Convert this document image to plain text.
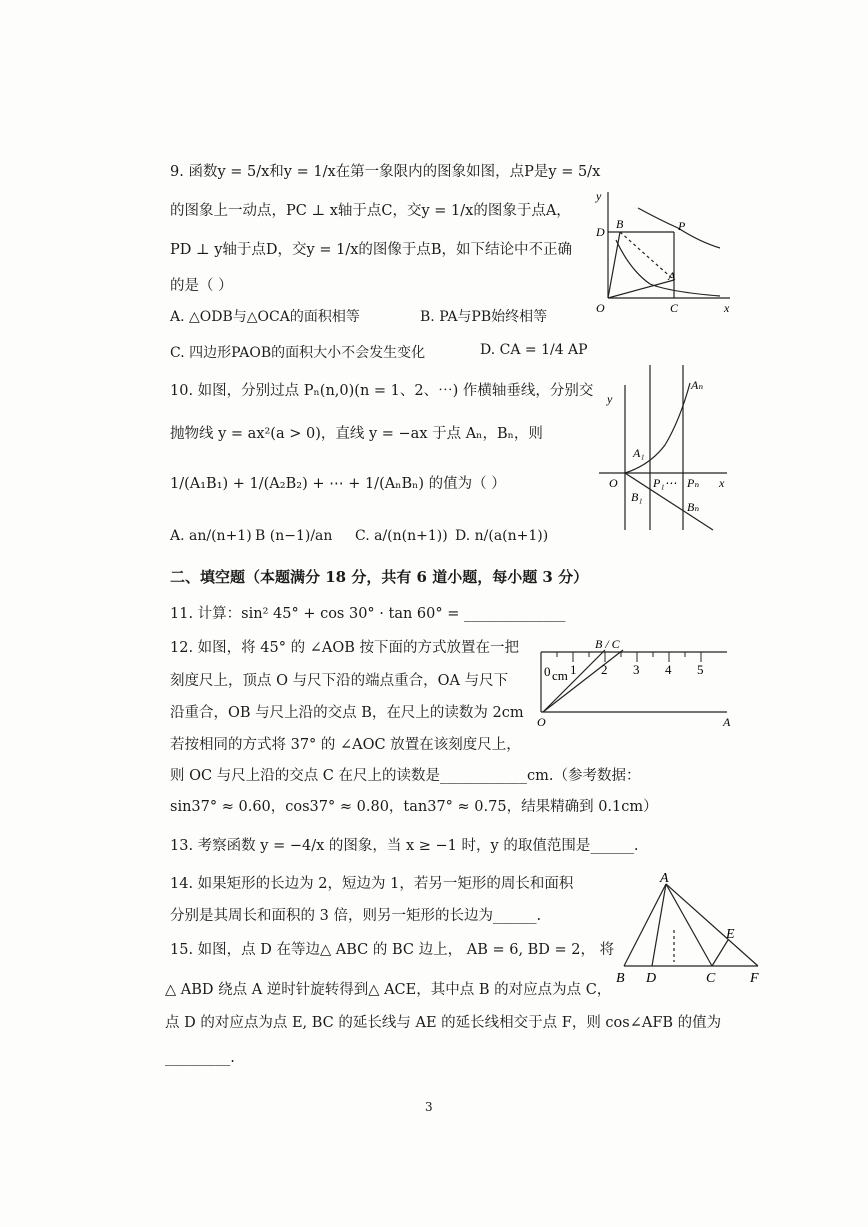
9. 函数y = 5/x和y = 1/x在第一象限内的图象如图，点P是y = 5/x
的图象上一动点，PC ⊥ x轴于点C，交y = 1/x的图象于点A，
PD ⊥ y轴于点D，交y = 1/x的图像于点B，如下结论中不正确
的是（ ）
A. △ODB与△OCA的面积相等	B. PA与PB始终相等
C. 四边形PAOB的面积大小不会发生变化	D. CA = 1/4 AP
y
x
O
D
B	P
A
C
10. 如图，分别过点 Pₙ(n,0)(n = 1、2、⋯) 作横轴垂线，分别交
抛物线 y = ax²(a > 0)，直线 y = −ax 于点 Aₙ，Bₙ，则
1/(A₁B₁) + 1/(A₂B₂) + ⋯ + 1/(AₙBₙ) 的值为（ ）
A. an/(n+1) B (n−1)/an C. a/(n(n+1)) D. n/(a(n+1))
y
x
O
A₁
B₁
P₁⋯ Pₙ
Aₙ
Bₙ
二、填空题（本题满分 18 分，共有 6 道小题，每小题 3 分）
11. 计算：sin² 45° + cos 30° · tan 60° = ______________
12. 如图，将 45° 的 ∠AOB 按下面的方式放置在一把
刻度尺上，顶点 O 与尺下沿的端点重合，OA 与尺下
沿重合，OB 与尺上沿的交点 B，在尺上的读数为 2cm
若按相同的方式将 37° 的 ∠AOC 放置在该刻度尺上，
则 OC 与尺上沿的交点 C 在尺上的读数是____________cm.（参考数据：
sin37° ≈ 0.60，cos37° ≈ 0.80，tan37° ≈ 0.75，结果精确到 0.1cm）
B / C
0 cm 1 2 3 4 5
O	A
13. 考察函数 y = −4/x 的图象，当 x ≥ −1 时，y 的取值范围是______.
14. 如果矩形的长边为 2，短边为 1，若另一矩形的周长和面积
分别是其周长和面积的 3 倍，则另一矩形的长边为______.
15. 如图，点 D 在等边△ ABC 的 BC 边上， AB = 6, BD = 2， 将
△ ABD 绕点 A 逆时针旋转得到△ ACE，其中点 B 的对应点为点 C，
点 D 的对应点为点 E, BC 的延长线与 AE 的延长线相交于点 F，则 cos∠AFB 的值为
_________.
A
B D	C
E
F
3
